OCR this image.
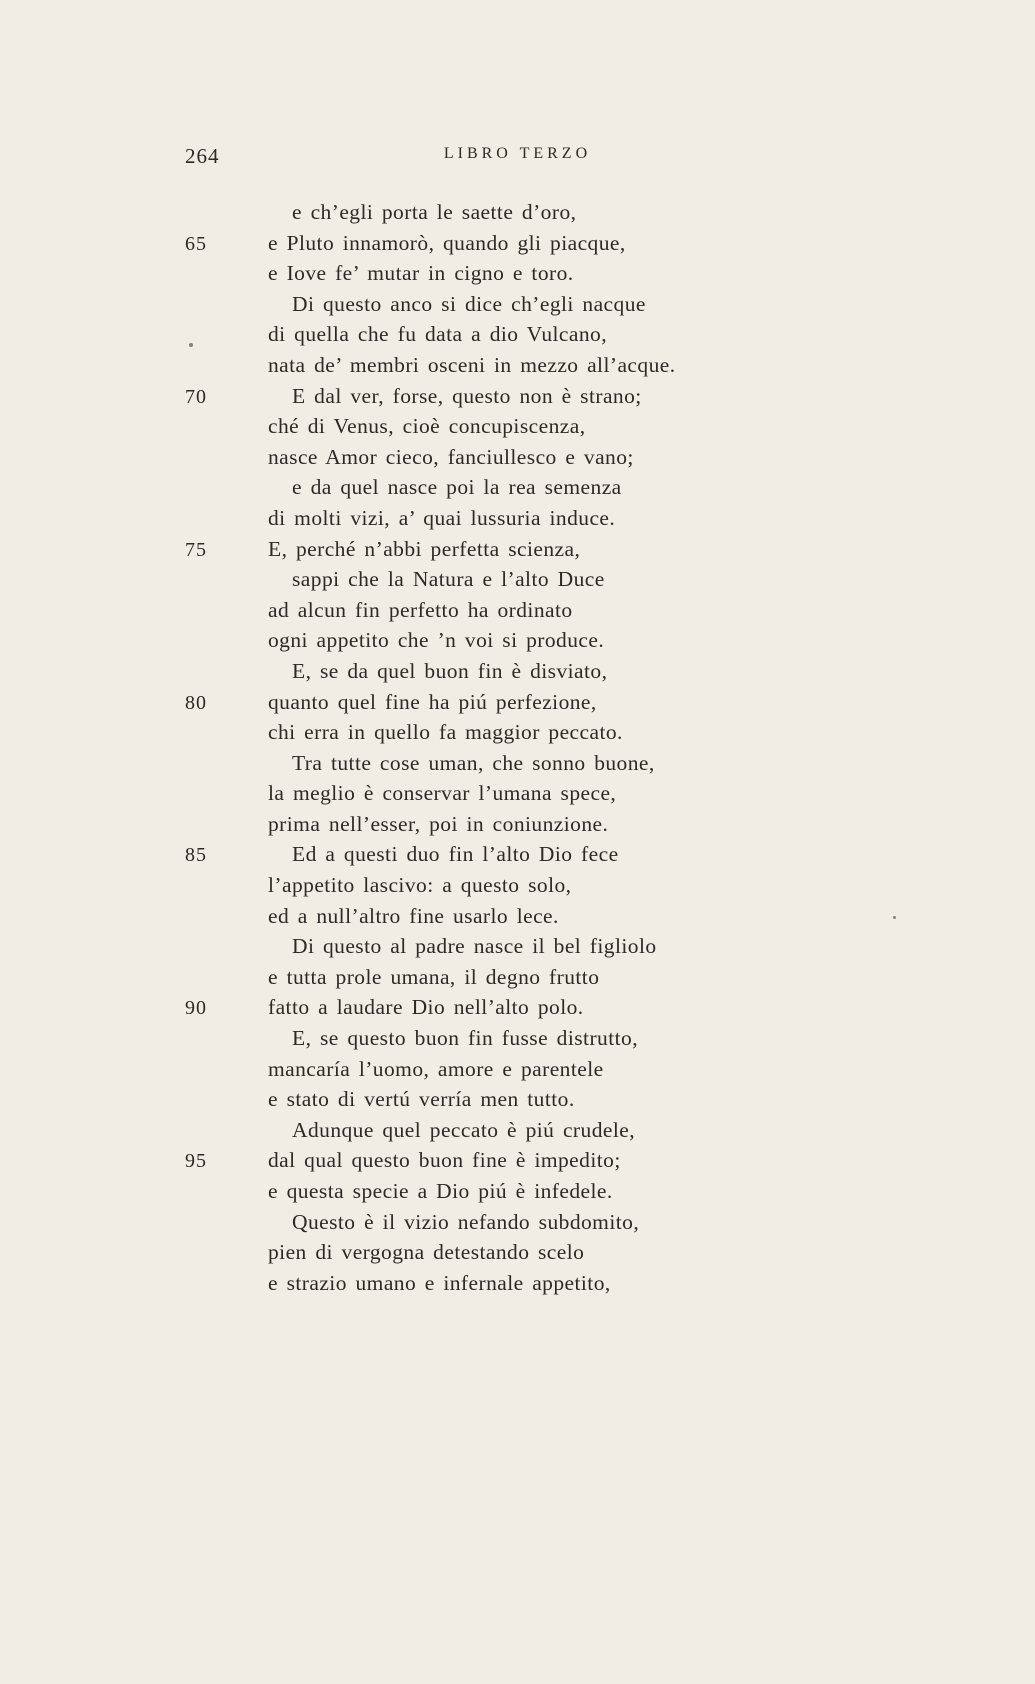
264	LIBRO TERZO
e ch’egli porta le saette d’oro,
65	e Pluto innamorò, quando gli piacque,
e Iove fe’ mutar in cigno e toro.
Di questo anco si dice ch’egli nacque
di quella che fu data a dio Vulcano,
nata de’ membri osceni in mezzo all’acque.
70	E dal ver, forse, questo non è strano;
ché di Venus, cioè concupiscenza,
nasce Amor cieco, fanciullesco e vano;
e da quel nasce poi la rea semenza
di molti vizi, a’ quai lussuria induce.
75	E, perché n’abbi perfetta scienza,
sappi che la Natura e l’alto Duce
ad alcun fin perfetto ha ordinato
ogni appetito che ’n voi si produce.
E, se da quel buon fin è disviato,
80	quanto quel fine ha piú perfezione,
chi erra in quello fa maggior peccato.
Tra tutte cose uman, che sonno buone,
la meglio è conservar l’umana spece,
prima nell’esser, poi in coniunzione.
85	Ed a questi duo fin l’alto Dio fece
l’appetito lascivo: a questo solo,
ed a null’altro fine usarlo lece.
Di questo al padre nasce il bel figliolo
e tutta prole umana, il degno frutto
90	fatto a laudare Dio nell’alto polo.
E, se questo buon fin fusse distrutto,
mancaría l’uomo, amore e parentele
e stato di vertú verría men tutto.
Adunque quel peccato è piú crudele,
95	dal qual questo buon fine è impedito;
e questa specie a Dio piú è infedele.
Questo è il vizio nefando subdomito,
pien di vergogna detestando scelo
e strazio umano e infernale appetito,
